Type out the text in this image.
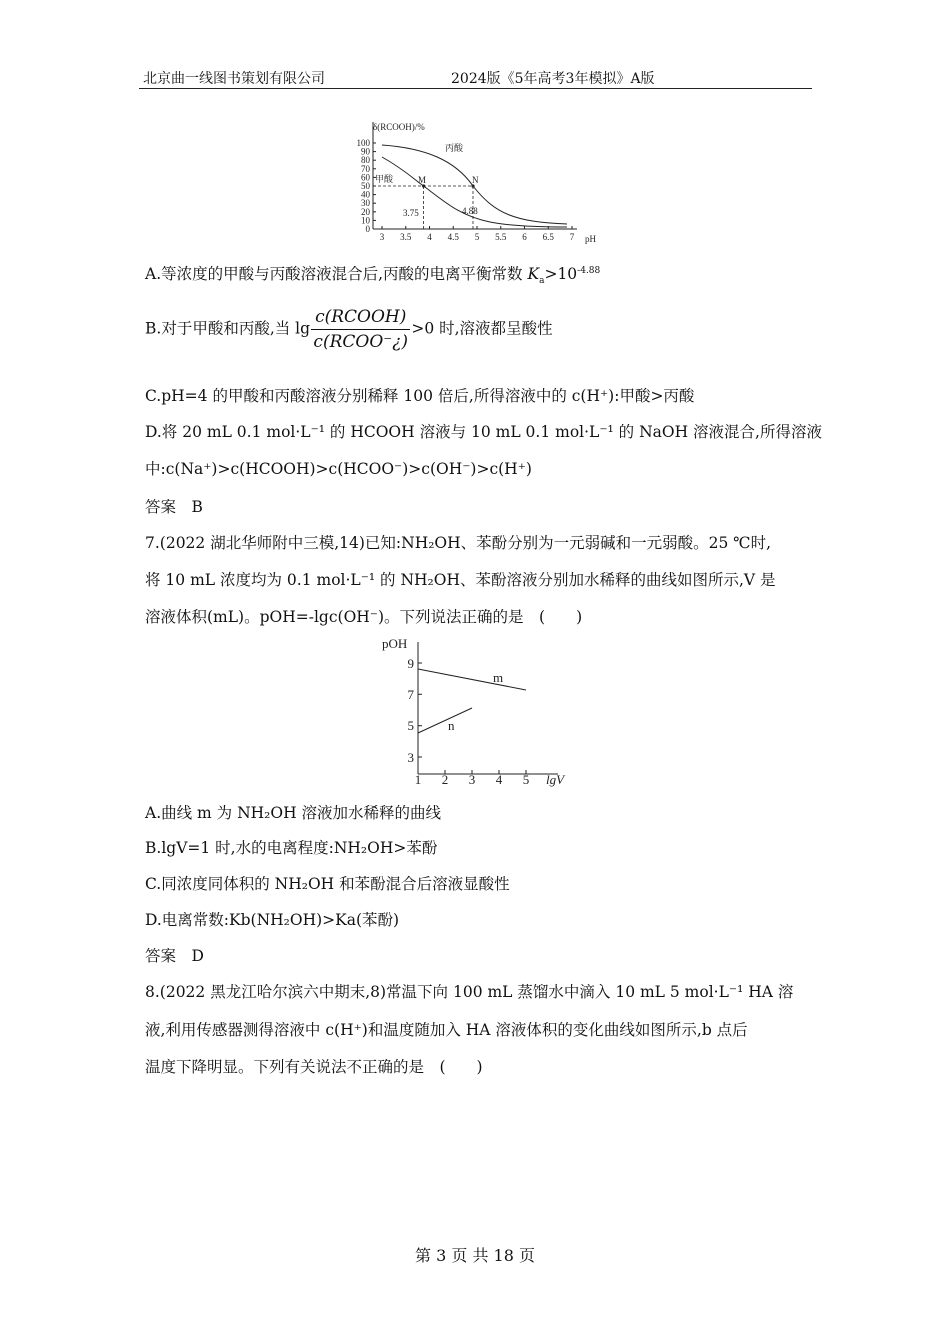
北京曲一线图书策划有限公司	2024版《5年高考3年模拟》A版
δ(RCOOH)/%
pH
100
90
80
70
60
50
40
30
20
10
0
3 3.5 4 4.5 5 5.5 6 6.5 7
丙酸
甲酸	M	N
3.75	4.88
A.等浓度的甲酸与丙酸溶液混合后,丙酸的电离平衡常数 $K_a>10^{-4.88}$
B.对于甲酸和丙酸,当 $\lg \frac{\text{c(RCOOH)}}{\text{c(RCOO⁻¿)}} >0$ 时,溶液都呈酸性
C.pH=4 的甲酸和丙酸溶液分别稀释 100 倍后,所得溶液中的 c(H⁺):甲酸>丙酸
D.将 20 mL 0.1 mol·L⁻¹ 的 HCOOH 溶液与 10 mL 0.1 mol·L⁻¹ 的 NaOH 溶液混合,所得溶液
中:c(Na⁺)>c(HCOOH)>c(HCOO⁻)>c(OH⁻)>c(H⁺)
答案　B
7.(2022 湖北华师附中三模,14)已知:NH₂OH、苯酚分别为一元弱碱和一元弱酸。25 ℃时,
将 10 mL 浓度均为 0.1 mol·L⁻¹ 的 NH₂OH、苯酚溶液分别加水稀释的曲线如图所示,V 是
溶液体积(mL)。pOH=-lgc(OH⁻)。下列说法正确的是　(　　)
pOH
lgV
9
7
5
3
1 2 3 4 5
m
n
A.曲线 m 为 NH₂OH 溶液加水稀释的曲线
B.lgV=1 时,水的电离程度:NH₂OH>苯酚
C.同浓度同体积的 NH₂OH 和苯酚混合后溶液显酸性
D.电离常数:Kb(NH₂OH)>Ka(苯酚)
答案　D
8.(2022 黑龙江哈尔滨六中期末,8)常温下向 100 mL 蒸馏水中滴入 10 mL 5 mol·L⁻¹ HA 溶
液,利用传感器测得溶液中 c(H⁺)和温度随加入 HA 溶液体积的变化曲线如图所示,b 点后
温度下降明显。下列有关说法不正确的是　(　　)
第 3 页 共 18 页
